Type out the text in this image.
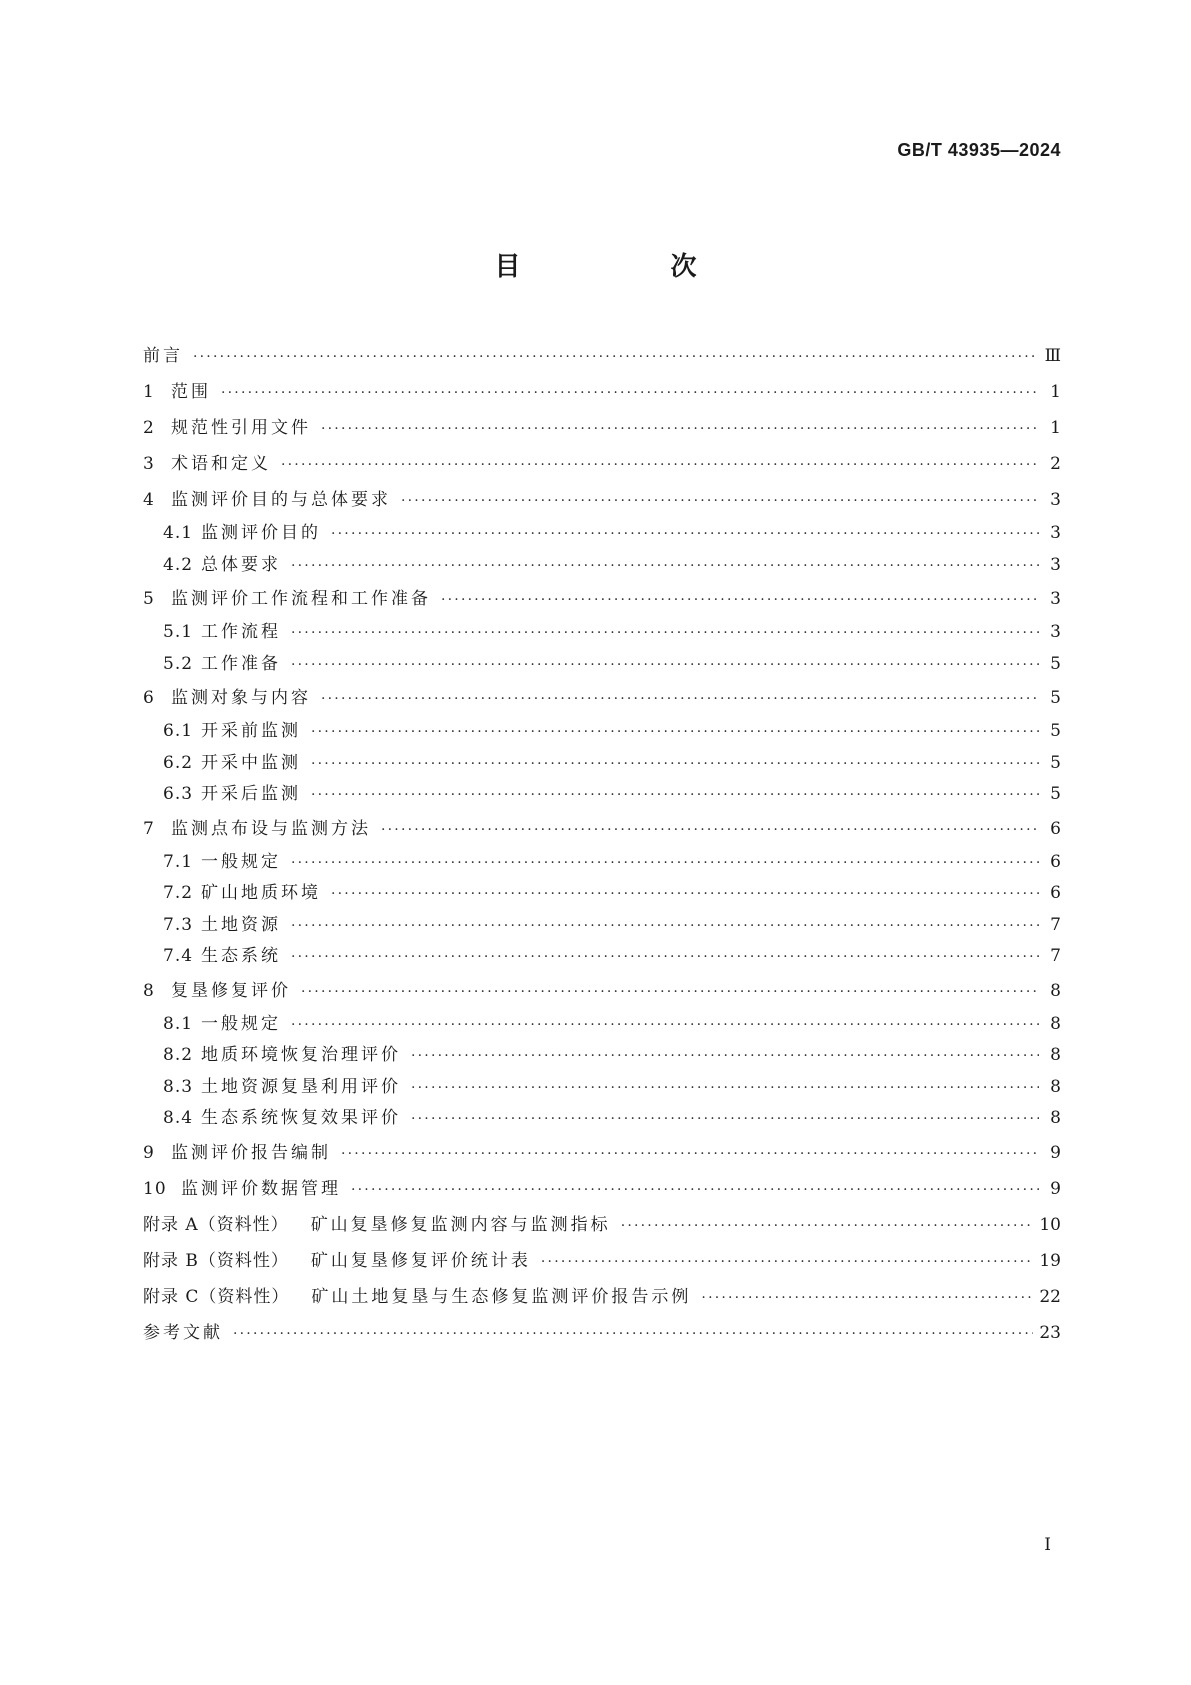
GB/T 43935—2024
目　次
前言 ·····	Ⅲ
1 范围 ·····	1
2 规范性引用文件 ·····	1
3 术语和定义 ·····	2
4 监测评价目的与总体要求 ·····	3
4.1 监测评价目的 ·····	3
4.2 总体要求 ·····	3
5 监测评价工作流程和工作准备 ·····	3
5.1 工作流程 ·····	3
5.2 工作准备 ·····	5
6 监测对象与内容 ·····	5
6.1 开采前监测 ·····	5
6.2 开采中监测 ·····	5
6.3 开采后监测 ·····	5
7 监测点布设与监测方法 ·····	6
7.1 一般规定 ·····	6
7.2 矿山地质环境 ·····	6
7.3 土地资源 ·····	7
7.4 生态系统 ·····	7
8 复垦修复评价 ·····	8
8.1 一般规定 ·····	8
8.2 地质环境恢复治理评价 ·····	8
8.3 土地资源复垦利用评价 ·····	8
8.4 生态系统恢复效果评价 ·····	8
9 监测评价报告编制 ·····	9
10 监测评价数据管理 ·····	9
附录 A（资料性） 矿山复垦修复监测内容与监测指标 ·····	10
附录 B（资料性） 矿山复垦修复评价统计表 ·····	19
附录 C（资料性） 矿山土地复垦与生态修复监测评价报告示例 ·····	22
参考文献 ·····	23
I
